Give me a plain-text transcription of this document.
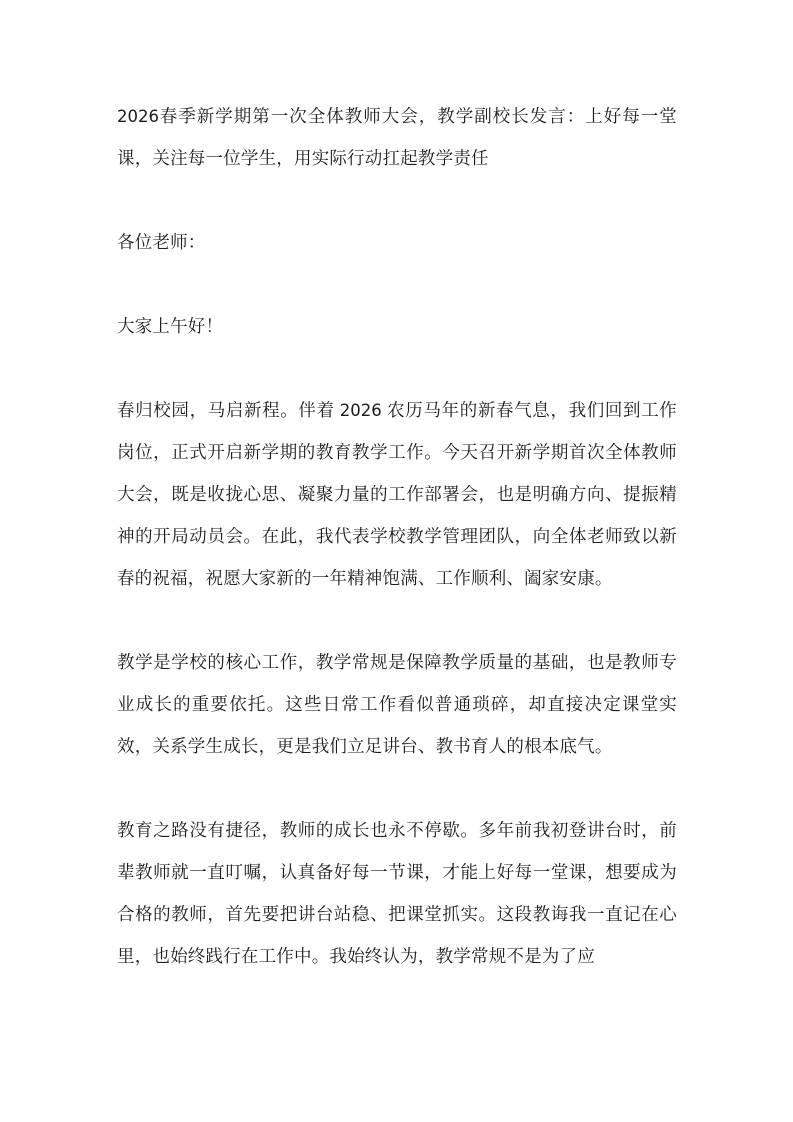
2026春季新学期第一次全体教师大会，教学副校长发言：上好每一堂课，关注每一位学生，用实际行动扛起教学责任

各位老师：

大家上午好！

春归校园，马启新程。伴着 2026 农历马年的新春气息，我们回到工作岗位，正式开启新学期的教育教学工作。今天召开新学期首次全体教师大会，既是收拢心思、凝聚力量的工作部署会，也是明确方向、提振精神的开局动员会。在此，我代表学校教学管理团队，向全体老师致以新春的祝福，祝愿大家新的一年精神饱满、工作顺利、阖家安康。

教学是学校的核心工作，教学常规是保障教学质量的基础，也是教师专业成长的重要依托。这些日常工作看似普通琐碎，却直接决定课堂实效，关系学生成长，更是我们立足讲台、教书育人的根本底气。

教育之路没有捷径，教师的成长也永不停歇。多年前我初登讲台时，前辈教师就一直叮嘱，认真备好每一节课，才能上好每一堂课，想要成为合格的教师，首先要把讲台站稳、把课堂抓实。这段教诲我一直记在心里，也始终践行在工作中。我始终认为，教学常规不是为了应
